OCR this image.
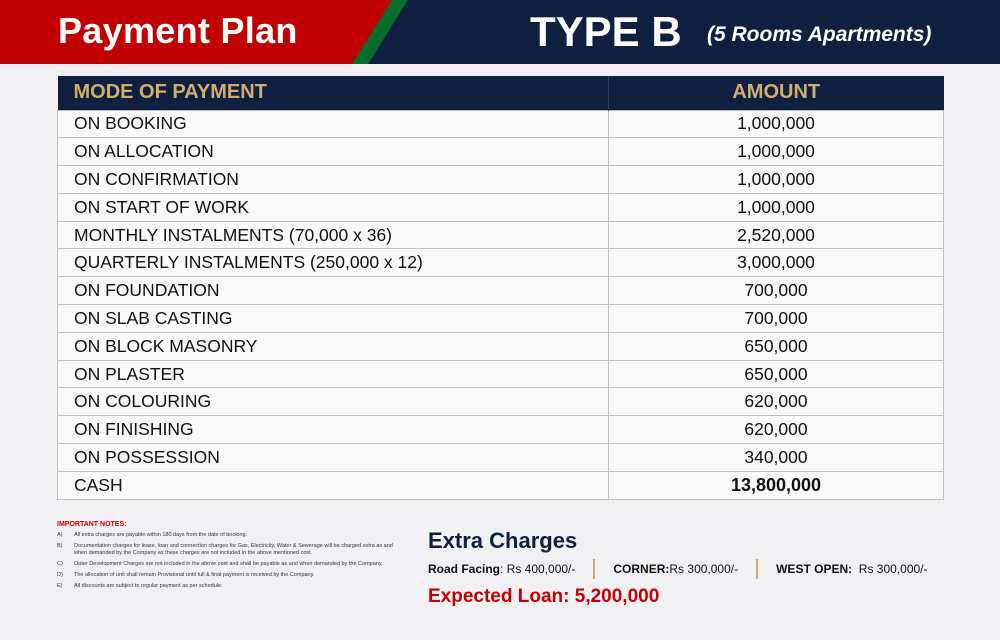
Payment Plan	TYPE B (5 Rooms Apartments)
MODE OF PAYMENT	AMOUNT
ON BOOKING	1,000,000
ON ALLOCATION	1,000,000
ON CONFIRMATION	1,000,000
ON START OF WORK	1,000,000
MONTHLY INSTALMENTS (70,000 x 36)	2,520,000
QUARTERLY INSTALMENTS (250,000 x 12)	3,000,000
ON FOUNDATION	700,000
ON SLAB CASTING	700,000
ON BLOCK MASONRY	650,000
ON PLASTER	650,000
ON COLOURING	620,000
ON FINISHING	620,000
ON POSSESSION	340,000
CASH	13,800,000
IMPORTANT NOTES:
A)	All extra charges are payable within 180 days from the date of booking.
B)	Documentation charges for lease, loan and connection charges for Gas, Electricity, Water & Sewerage will be charged extra as and when demanded by the Company as these charges are not included in the above mentioned cost.
C)	Outer Development Charges are not included in the above cost and shall be payable as and when demanded by the Company.
D)	The allocation of unit shall remain Provisional until full & final payment is received by the Company.
E)	All discounts are subject to regular payment as per schedule.
Extra Charges
Road Facing : Rs 400,000/-	CORNER: Rs 300,000/-	WEST OPEN: Rs 300,000/-
Expected Loan: 5,200,000
